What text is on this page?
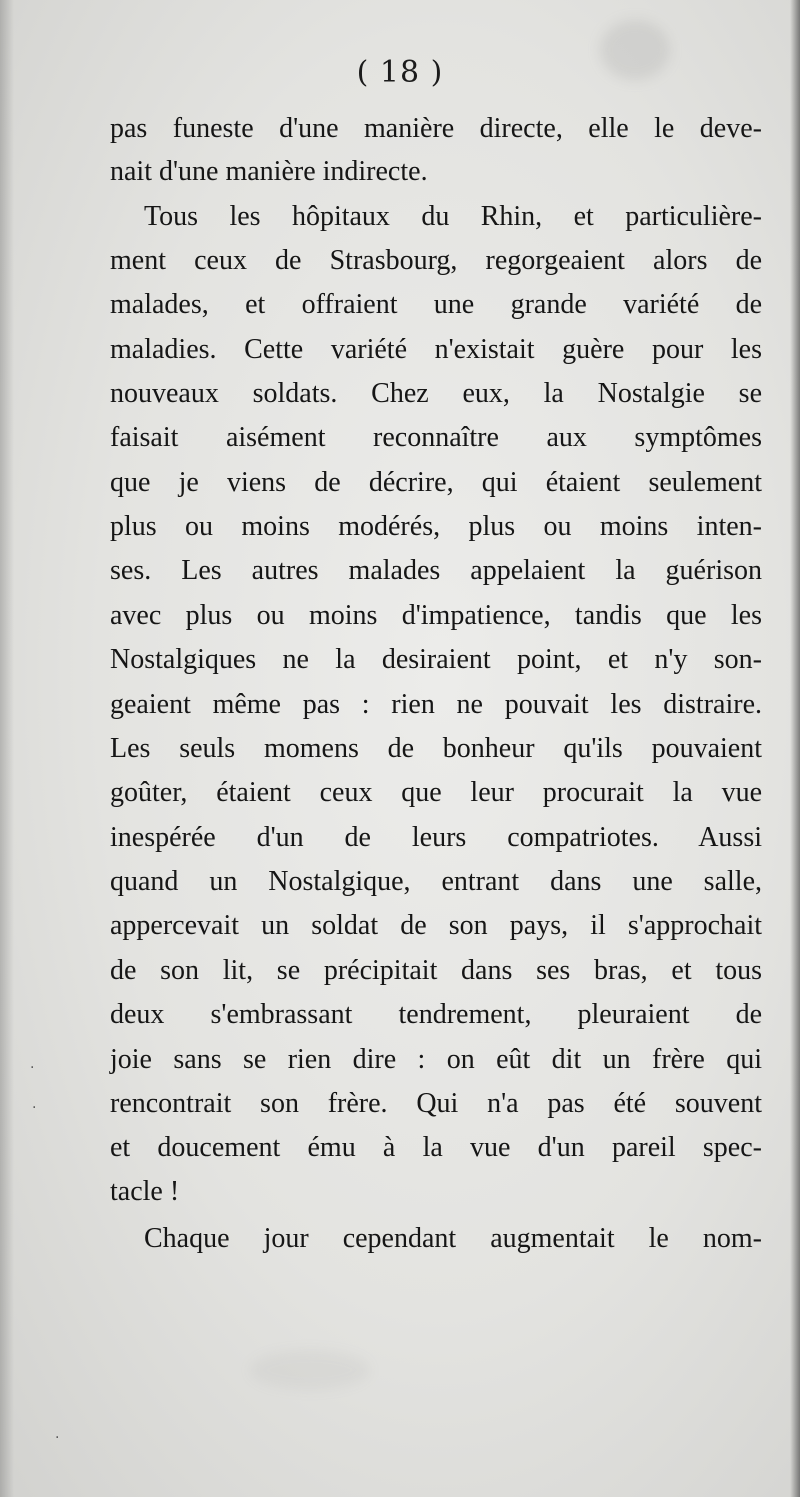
( 18 )
pas funeste d'une manière directe, elle le deve-
nait d'une manière indirecte.
Tous les hôpitaux du Rhin, et particulière-
ment ceux de Strasbourg, regorgeaient alors de
malades, et offraient une grande variété de
maladies. Cette variété n'existait guère pour les
nouveaux soldats. Chez eux, la Nostalgie se
faisait aisément reconnaître aux symptômes
que je viens de décrire, qui étaient seulement
plus ou moins modérés, plus ou moins inten-
ses. Les autres malades appelaient la guérison
avec plus ou moins d'impatience, tandis que les
Nostalgiques ne la desiraient point, et n'y son-
geaient même pas : rien ne pouvait les distraire.
Les seuls momens de bonheur qu'ils pouvaient
goûter, étaient ceux que leur procurait la vue
inespérée d'un de leurs compatriotes. Aussi
quand un Nostalgique, entrant dans une salle,
appercevait un soldat de son pays, il s'approchait
de son lit, se précipitait dans ses bras, et tous
deux s'embrassant tendrement, pleuraient de
joie sans se rien dire : on eût dit un frère qui
rencontrait son frère. Qui n'a pas été souvent
et doucement ému à la vue d'un pareil spec-
tacle !
Chaque jour cependant augmentait le nom-
·
·
·
